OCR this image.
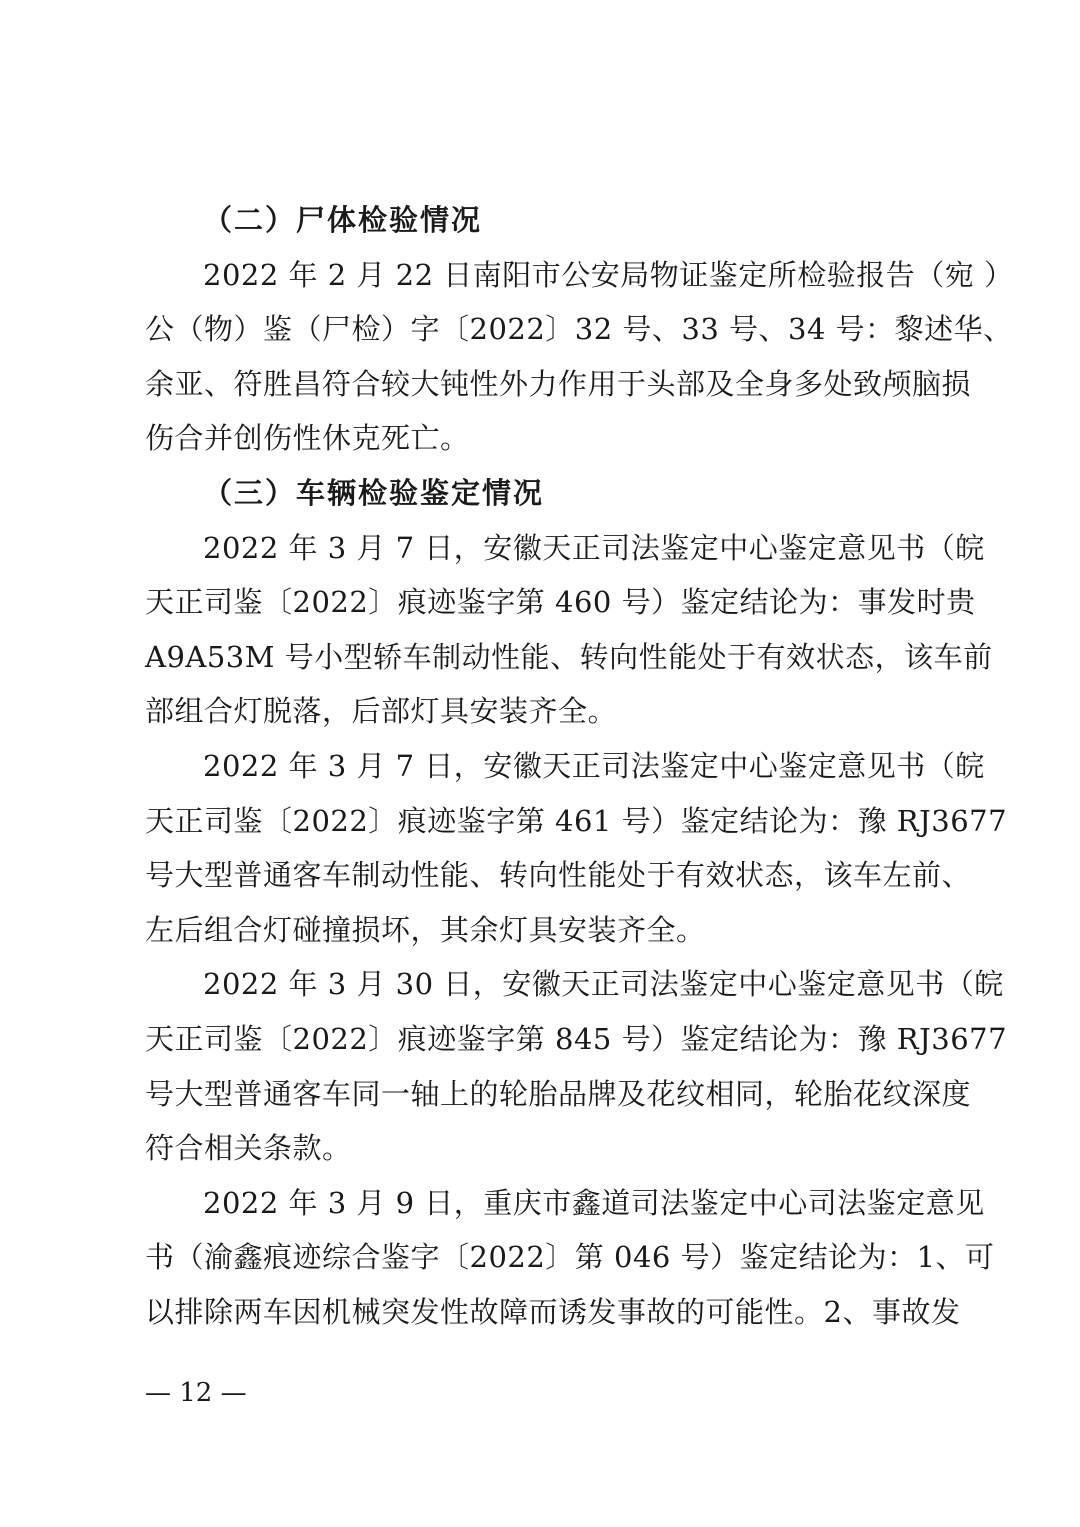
（二）尸体检验情况

2022 年 2 月 22 日南阳市公安局物证鉴定所检验报告（宛 ）

公（物）鉴（尸检）字〔2022〕32 号、33 号、34 号：黎述华、

余亚、符胜昌符合较大钝性外力作用于头部及全身多处致颅脑损

伤合并创伤性休克死亡。

（三）车辆检验鉴定情况

2022 年 3 月 7 日，安徽天正司法鉴定中心鉴定意见书（皖

天正司鉴〔2022〕痕迹鉴字第 460 号）鉴定结论为：事发时贵

A9A53M 号小型轿车制动性能、转向性能处于有效状态，该车前

部组合灯脱落，后部灯具安装齐全。

2022 年 3 月 7 日，安徽天正司法鉴定中心鉴定意见书（皖

天正司鉴〔2022〕痕迹鉴字第 461 号）鉴定结论为：豫 RJ3677

号大型普通客车制动性能、转向性能处于有效状态，该车左前、

左后组合灯碰撞损坏，其余灯具安装齐全。

2022 年 3 月 30 日，安徽天正司法鉴定中心鉴定意见书（皖

天正司鉴〔2022〕痕迹鉴字第 845 号）鉴定结论为：豫 RJ3677

号大型普通客车同一轴上的轮胎品牌及花纹相同，轮胎花纹深度

符合相关条款。

2022 年 3 月 9 日，重庆市鑫道司法鉴定中心司法鉴定意见

书（渝鑫痕迹综合鉴字〔2022〕第 046 号）鉴定结论为：1、可

以排除两车因机械突发性故障而诱发事故的可能性。2、事故发

— 12 —
